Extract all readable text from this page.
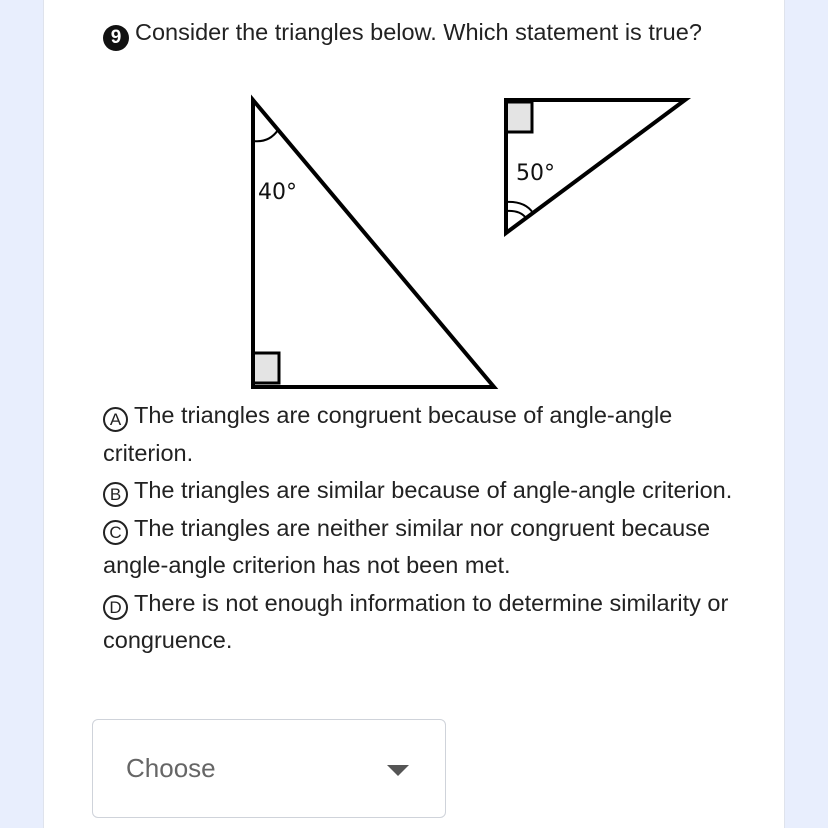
9 Consider the triangles below. Which statement is true?
40°
50°

A The triangles are congruent because of angle-angle criterion.

B The triangles are similar because of angle-angle criterion.

C The triangles are neither similar nor congruent because angle-angle criterion has not been met.

D There is not enough information to determine similarity or congruence.

Choose
